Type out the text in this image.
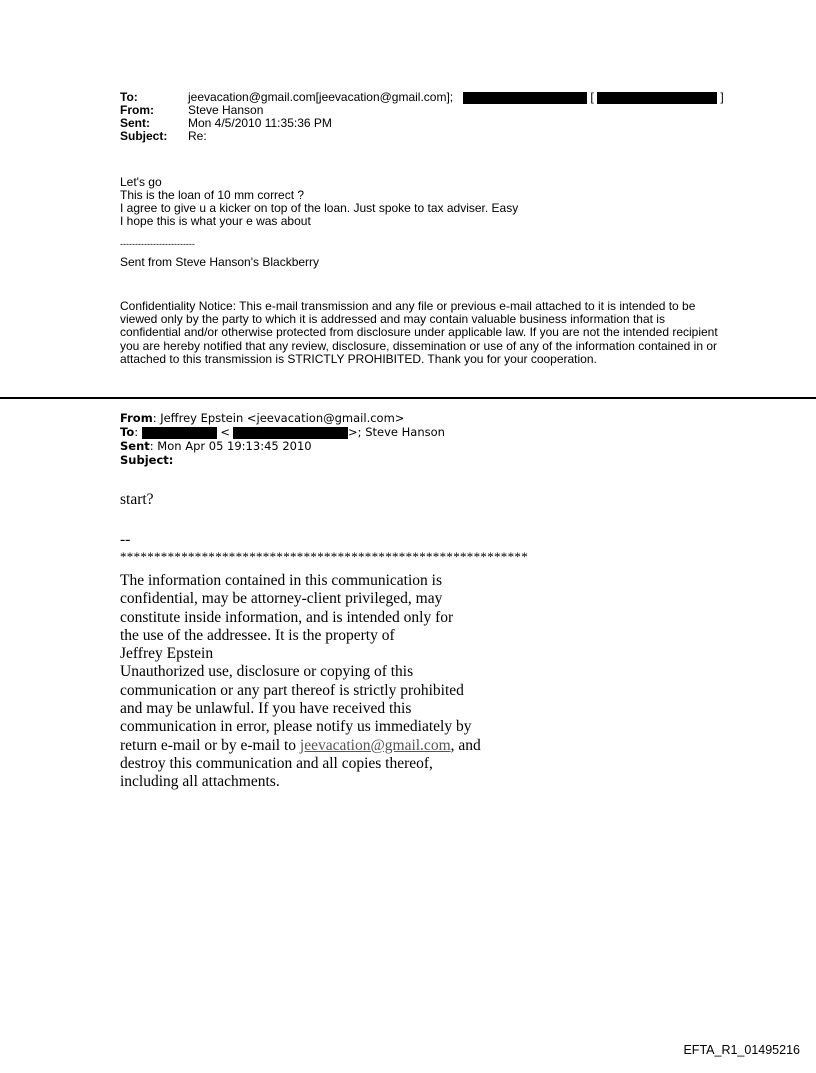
To:	jeevacation@gmail.com[jeevacation@gmail.com];	[	]
From:	Steve Hanson
Sent:	Mon 4/5/2010 11:35:36 PM
Subject: Re:
Let's go
This is the loan of 10 mm correct ?
I agree to give u a kicker on top of the loan. Just spoke to tax adviser. Easy
I hope this is what your e was about
-------------------------
Sent from Steve Hanson's Blackberry
Confidentiality Notice: This e-mail transmission and any file or previous e-mail attached to it is intended to be viewed only by the party to which it is addressed and may contain valuable business information that is confidential and/or otherwise protected from disclosure under applicable law. If you are not the intended recipient you are hereby notified that any review, disclosure, dissemination or use of any of the information contained in or attached to this transmission is STRICTLY PROHIBITED. Thank you for your cooperation.
From: Jeffrey Epstein <jeevacation@gmail.com>
To:	<	>; Steve Hanson
Sent: Mon Apr 05 19:13:45 2010
Subject:
start?
--
************************************************************
The information contained in this communication is
confidential, may be attorney-client privileged, may
constitute inside information, and is intended only for
the use of the addressee. It is the property of
Jeffrey Epstein
Unauthorized use, disclosure or copying of this
communication or any part thereof is strictly prohibited
and may be unlawful. If you have received this
communication in error, please notify us immediately by
return e-mail or by e-mail to jeevacation@gmail.com, and
destroy this communication and all copies thereof,
including all attachments.
EFTA_R1_01495216
